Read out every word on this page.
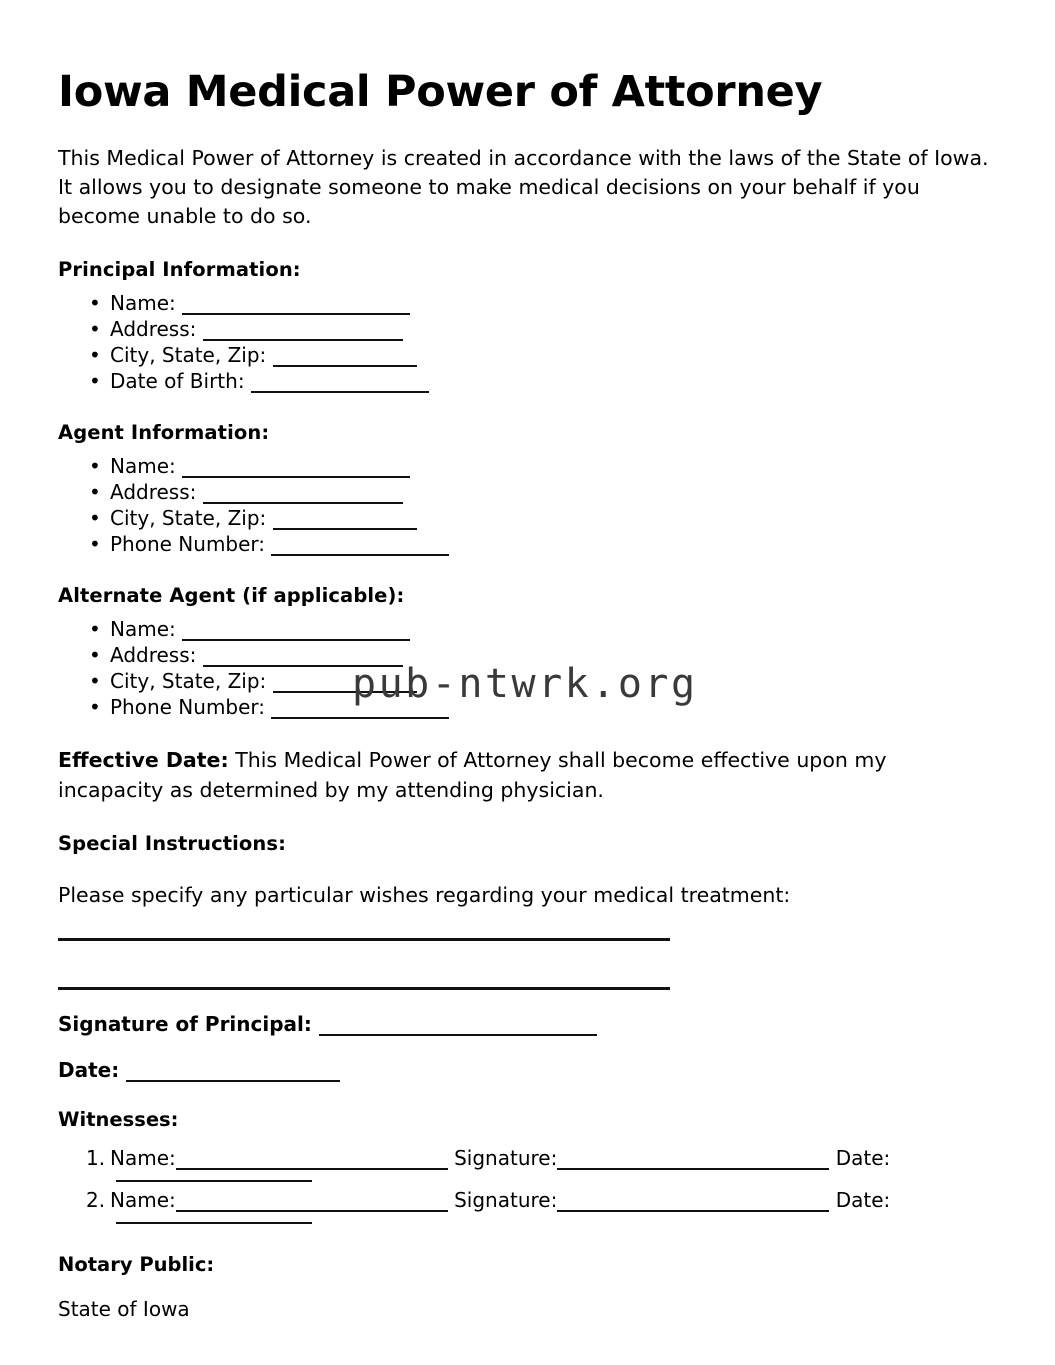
Iowa Medical Power of Attorney

This Medical Power of Attorney is created in accordance with the laws of the State of Iowa. It allows you to designate someone to make medical decisions on your behalf if you become unable to do so.

Principal Information:
• Name:
• Address:
• City, State, Zip:
• Date of Birth:
Agent Information:
• Name:
• Address:
• City, State, Zip:
• Phone Number:
Alternate Agent (if applicable):
• Name:
• Address:
• City, State, Zip:
• Phone Number:

Effective Date: This Medical Power of Attorney shall become effective upon my incapacity as determined by my attending physician.

Special Instructions:

Please specify any particular wishes regarding your medical treatment:

Signature of Principal:
Date:
Witnesses:
1. Name:	Signature:	Date:
2. Name:	Signature:	Date:
Notary Public:
State of Iowa
pub-ntwrk.org
